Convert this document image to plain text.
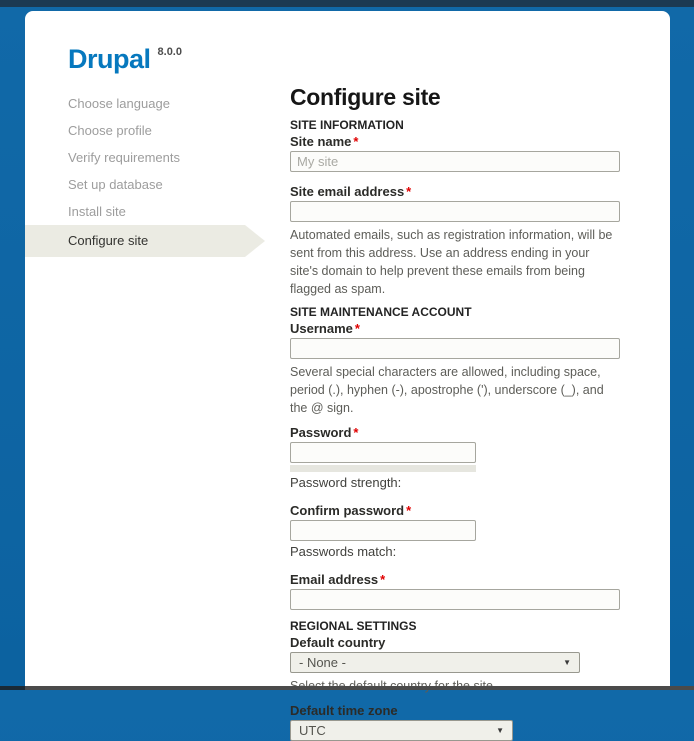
Drupal $^{8.0.0}$
Choose language
Choose profile
Verify requirements
Set up database
Install site
Configure site
Configure site
SITE INFORMATION
Site name *
My site
Site email address *
Automated emails, such as registration information, will be sent from this address. Use an address ending in your site's domain to help prevent these emails from being flagged as spam.
SITE MAINTENANCE ACCOUNT
Username *
Several special characters are allowed, including space, period (.), hyphen (-), apostrophe ('), underscore (_), and the @ sign.
Password *
Password strength:
Confirm password *
Passwords match:
Email address *
REGIONAL SETTINGS
Default country
- None -	▼
Default time zone
UTC	▼
